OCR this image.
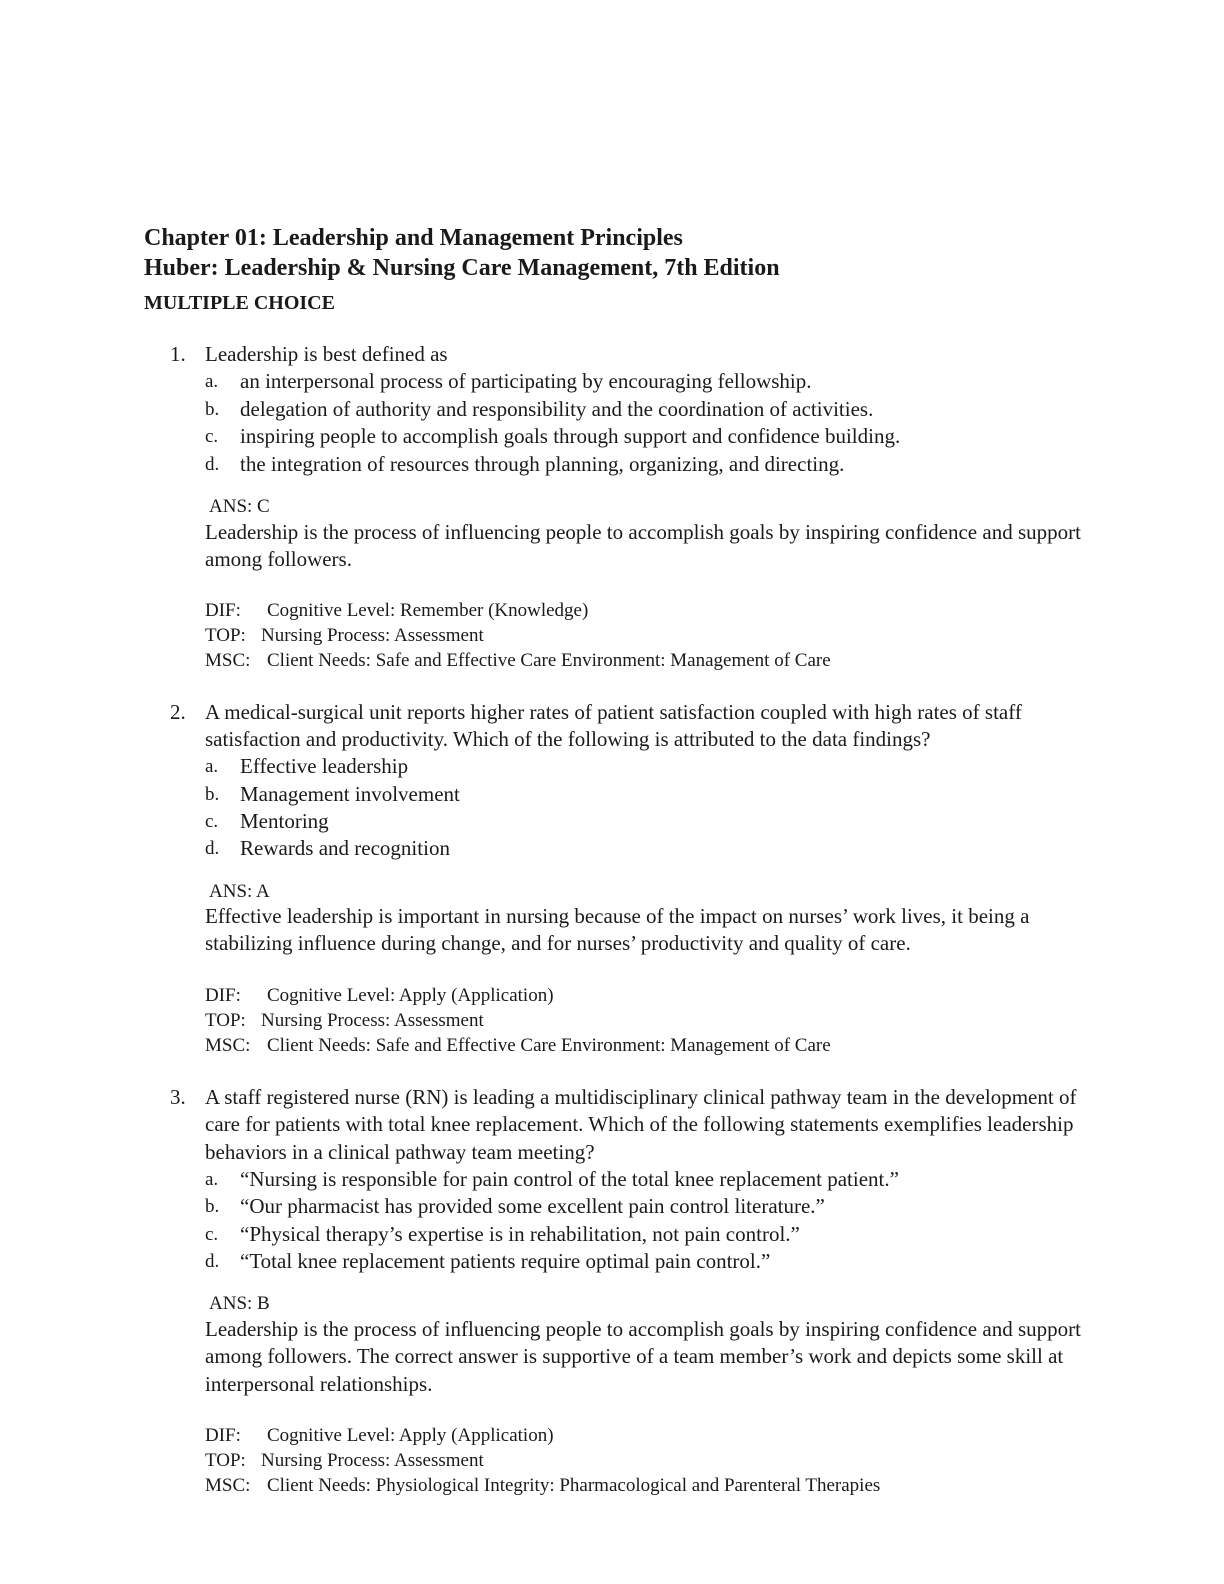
Chapter 01: Leadership and Management Principles
Huber: Leadership & Nursing Care Management, 7th Edition
MULTIPLE CHOICE
1. Leadership is best defined as
a. an interpersonal process of participating by encouraging fellowship.
b. delegation of authority and responsibility and the coordination of activities.
c. inspiring people to accomplish goals through support and confidence building.
d. the integration of resources through planning, organizing, and directing.
ANS: C
Leadership is the process of influencing people to accomplish goals by inspiring confidence and support among followers.
DIF: Cognitive Level: Remember (Knowledge)
TOP: Nursing Process: Assessment
MSC: Client Needs: Safe and Effective Care Environment: Management of Care
2. A medical-surgical unit reports higher rates of patient satisfaction coupled with high rates of staff satisfaction and productivity. Which of the following is attributed to the data findings?
a. Effective leadership
b. Management involvement
c. Mentoring
d. Rewards and recognition
ANS: A
Effective leadership is important in nursing because of the impact on nurses’ work lives, it being a stabilizing influence during change, and for nurses’ productivity and quality of care.
DIF: Cognitive Level: Apply (Application)
TOP: Nursing Process: Assessment
MSC: Client Needs: Safe and Effective Care Environment: Management of Care
3. A staff registered nurse (RN) is leading a multidisciplinary clinical pathway team in the development of care for patients with total knee replacement. Which of the following statements exemplifies leadership behaviors in a clinical pathway team meeting?
a. “Nursing is responsible for pain control of the total knee replacement patient.”
b. “Our pharmacist has provided some excellent pain control literature.”
c. “Physical therapy’s expertise is in rehabilitation, not pain control.”
d. “Total knee replacement patients require optimal pain control.”
ANS: B
Leadership is the process of influencing people to accomplish goals by inspiring confidence and support among followers. The correct answer is supportive of a team member’s work and depicts some skill at interpersonal relationships.
DIF: Cognitive Level: Apply (Application)
TOP: Nursing Process: Assessment
MSC: Client Needs: Physiological Integrity: Pharmacological and Parenteral Therapies
